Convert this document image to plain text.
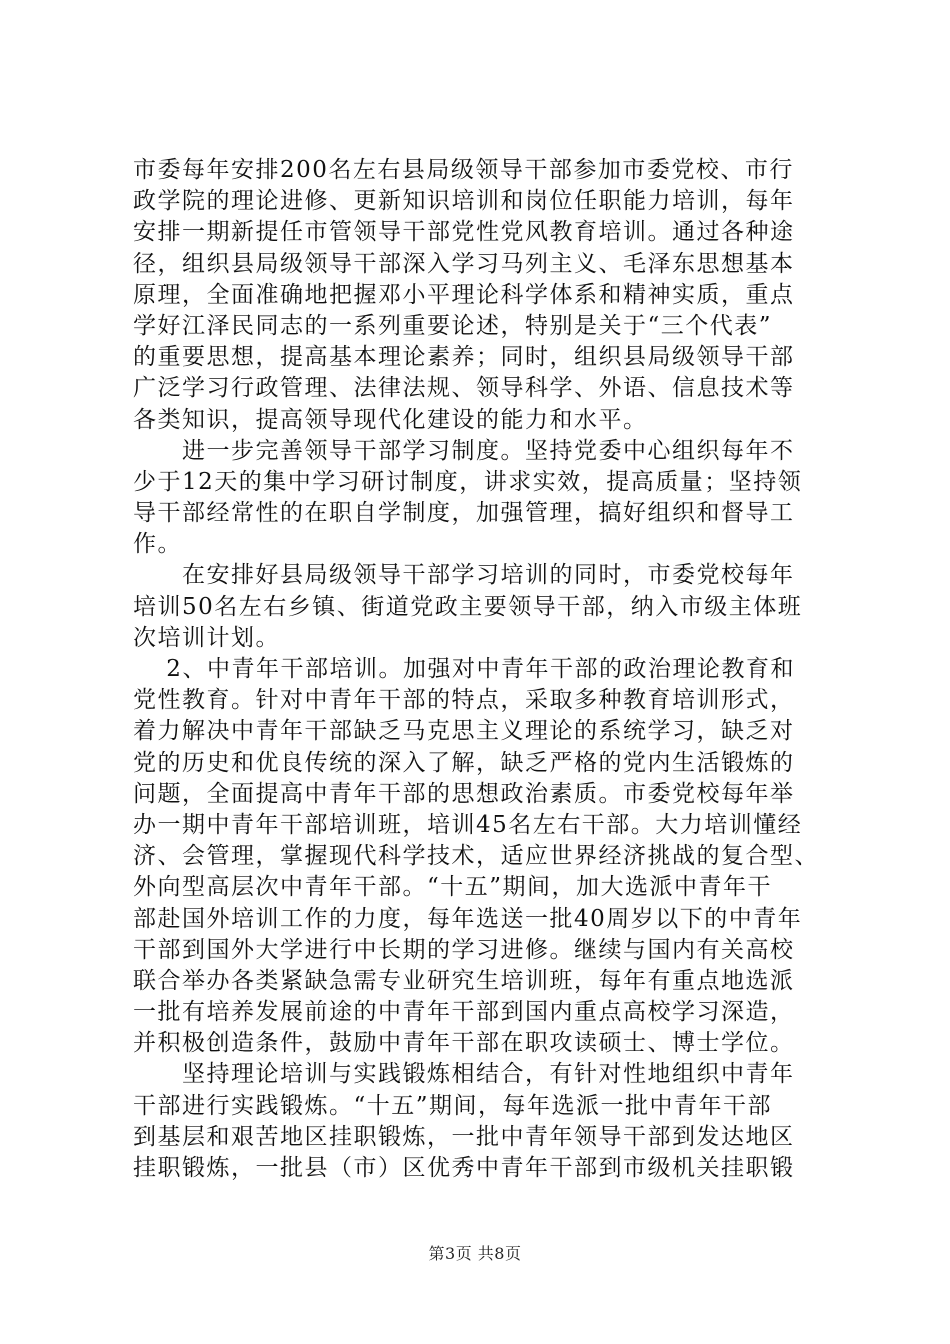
市委每年安排200名左右县局级领导干部参加市委党校、市行
政学院的理论进修、更新知识培训和岗位任职能力培训，每年
安排一期新提任市管领导干部党性党风教育培训。通过各种途
径，组织县局级领导干部深入学习马列主义、毛泽东思想基本
原理，全面准确地把握邓小平理论科学体系和精神实质，重点
学好江泽民同志的一系列重要论述，特别是关于“三个代表”
的重要思想，提高基本理论素养；同时，组织县局级领导干部
广泛学习行政管理、法律法规、领导科学、外语、信息技术等
各类知识，提高领导现代化建设的能力和水平。
　　进一步完善领导干部学习制度。坚持党委中心组织每年不
少于12天的集中学习研讨制度，讲求实效，提高质量；坚持领
导干部经常性的在职自学制度，加强管理，搞好组织和督导工
作。
　　在安排好县局级领导干部学习培训的同时，市委党校每年
培训50名左右乡镇、街道党政主要领导干部，纳入市级主体班
次培训计划。
　 2、中青年干部培训。加强对中青年干部的政治理论教育和
党性教育。针对中青年干部的特点，采取多种教育培训形式，
着力解决中青年干部缺乏马克思主义理论的系统学习，缺乏对
党的历史和优良传统的深入了解，缺乏严格的党内生活锻炼的
问题，全面提高中青年干部的思想政治素质。市委党校每年举
办一期中青年干部培训班，培训45名左右干部。大力培训懂经
济、会管理，掌握现代科学技术，适应世界经济挑战的复合型、
外向型高层次中青年干部。“十五”期间，加大选派中青年干
部赴国外培训工作的力度，每年选送一批40周岁以下的中青年
干部到国外大学进行中长期的学习进修。继续与国内有关高校
联合举办各类紧缺急需专业研究生培训班，每年有重点地选派
一批有培养发展前途的中青年干部到国内重点高校学习深造，
并积极创造条件，鼓励中青年干部在职攻读硕士、博士学位。
　　坚持理论培训与实践锻炼相结合，有针对性地组织中青年
干部进行实践锻炼。“十五”期间，每年选派一批中青年干部
到基层和艰苦地区挂职锻炼，一批中青年领导干部到发达地区
挂职锻炼，一批县（市）区优秀中青年干部到市级机关挂职锻
第3页 共8页
